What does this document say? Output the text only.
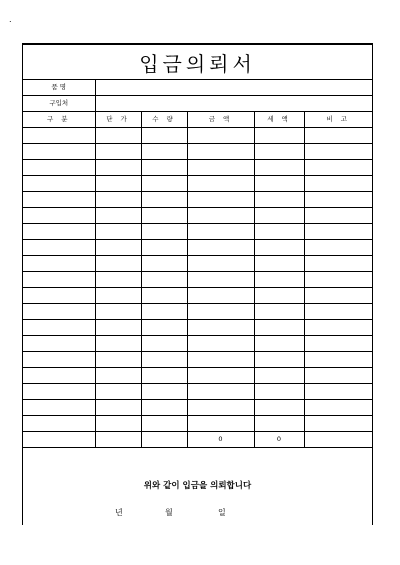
.
입금의뢰서
품 명					
구입처					
구 분	단 가	수 량	금 액	세 액	비 고

			0	0	
위와 같이 입금을 의뢰합니다
년	월	일
